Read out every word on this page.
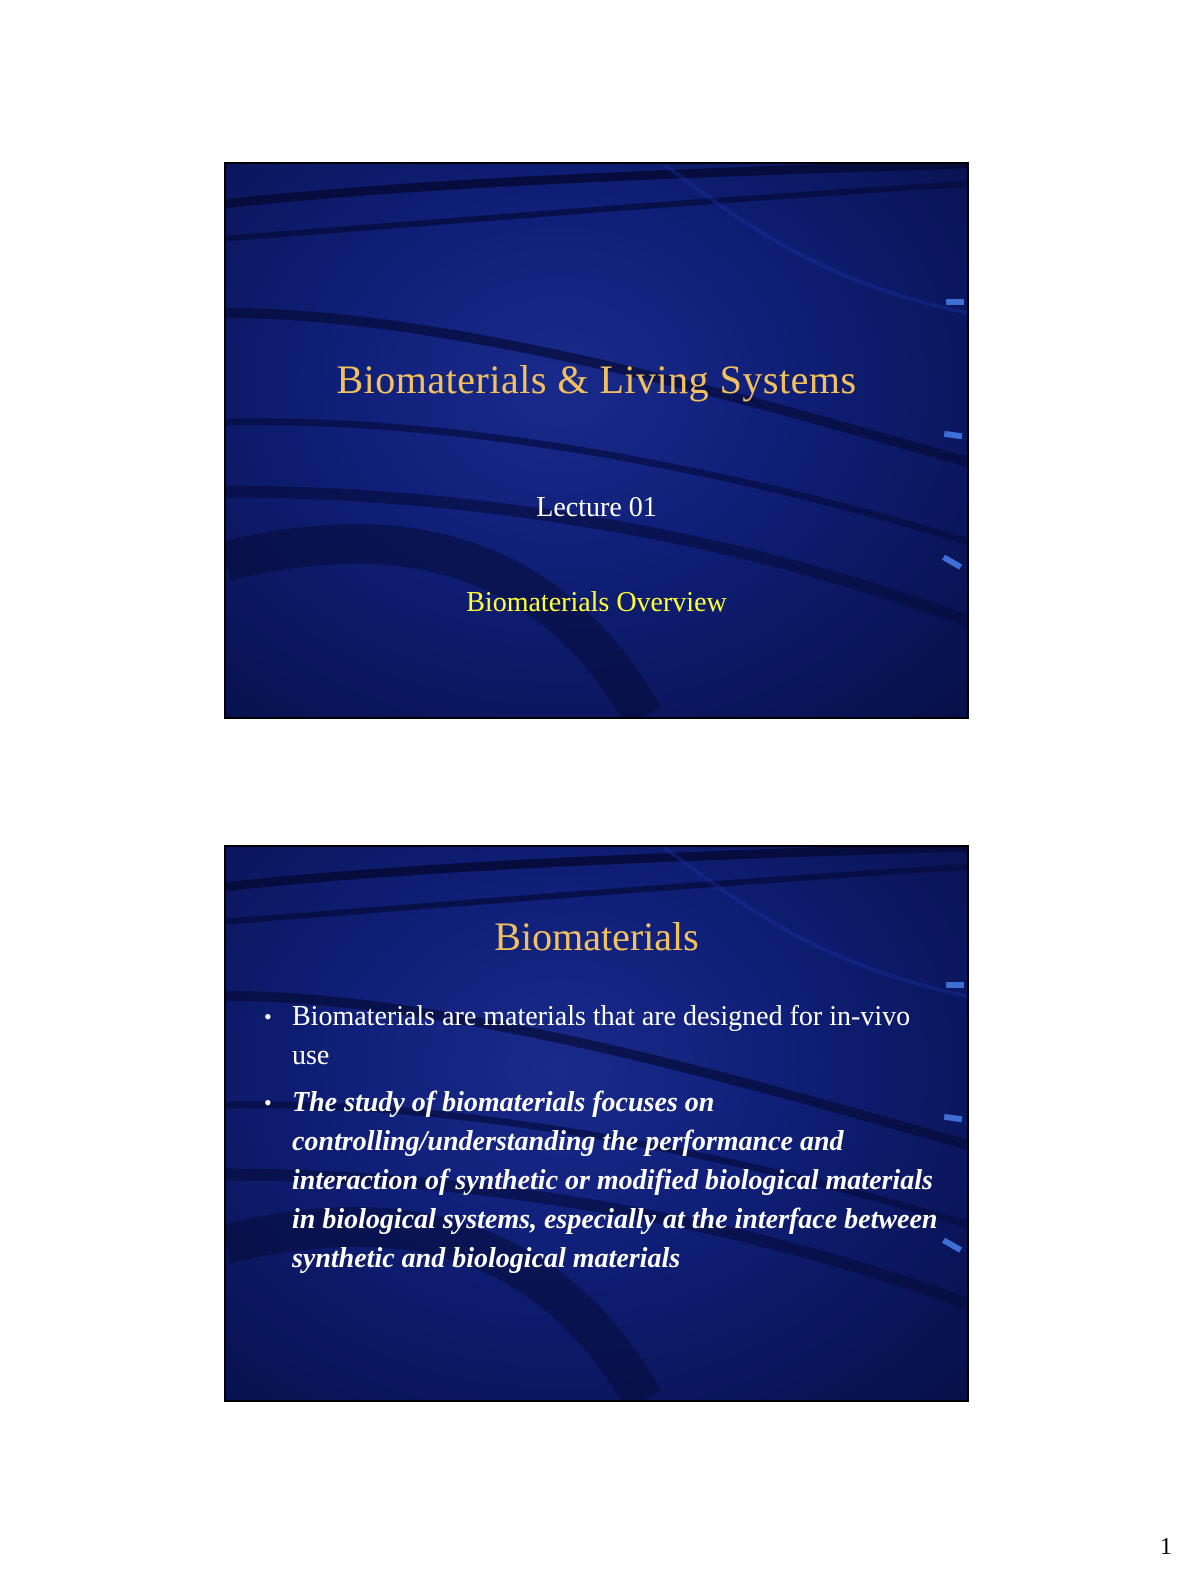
Biomaterials & Living Systems
Lecture 01
Biomaterials Overview
Biomaterials
• Biomaterials are materials that are designed for in-vivo use
• The study of biomaterials focuses on controlling/understanding the performance and interaction of synthetic or modified biological materials in biological systems, especially at the interface between synthetic and biological materials
1
